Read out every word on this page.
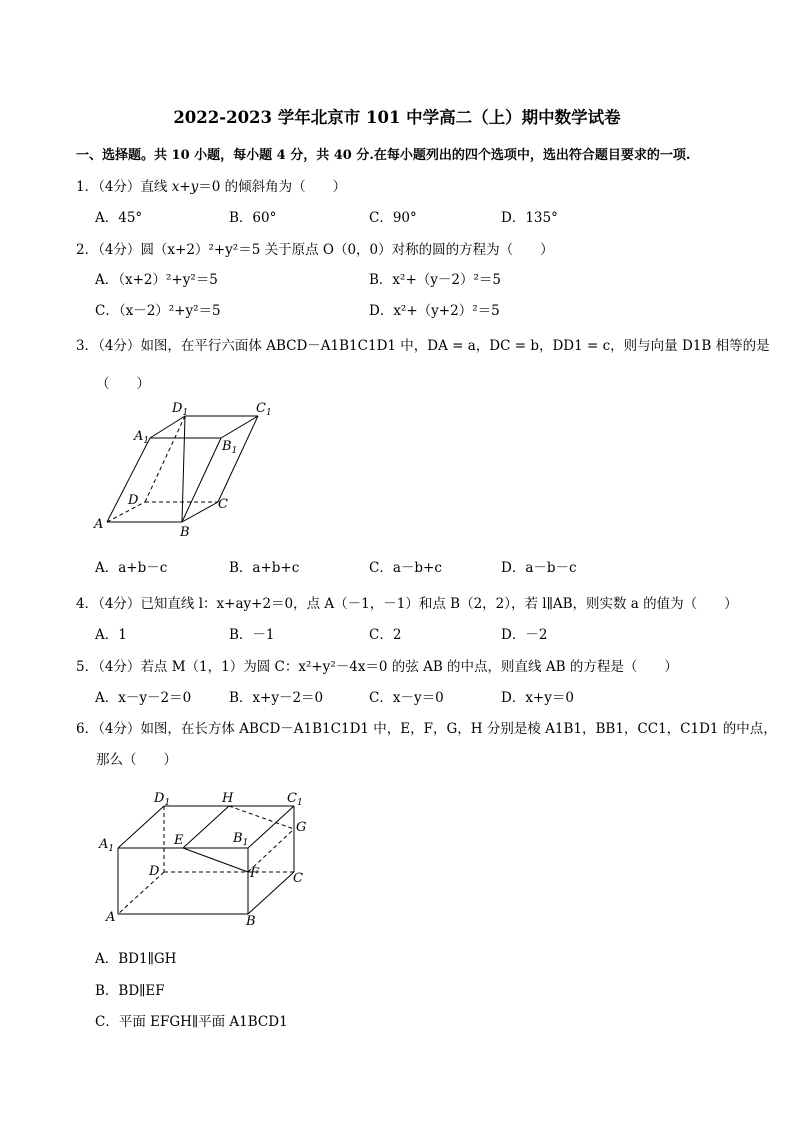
2022-2023 学年北京市 101 中学高二（上）期中数学试卷
一、选择题。共 10 小题，每小题 4 分，共 40 分.在每小题列出的四个选项中，选出符合题目要求的一项.
1．（4分）直线 x+y＝0 的倾斜角为（　　）
A．45°	B．60°	C．90°	D．135°
2．（4分）圆（x+2）²+y²＝5 关于原点 O（0，0）对称的圆的方程为（　　）
A．（x+2）²+y²＝5	B．x²+（y－2）²＝5
C．（x－2）²+y²＝5	D．x²+（y+2）²＝5
3．（4分）如图，在平行六面体 ABCD－A1B1C1D1 中，DA = a，DC = b，DD1 = c，则与向量 D1B 相等的是
（　　）
$D_1$	$C_1$
$A_1$	$B_1$
D	C
A
B
A．a+b－c	B．a+b+c	C．a－b+c	D．a－b－c
4．（4分）已知直线 l：x+ay+2＝0，点 A（－1，－1）和点 B（2，2），若 l∥AB，则实数 a 的值为（　　）
A．1	B．－1	C．2	D．－2
5．（4分）若点 M（1，1）为圆 C：x²+y²－4x＝0 的弦 AB 的中点，则直线 AB 的方程是（　　）
A．x－y－2＝0	B．x+y－2＝0	C．x－y＝0	D．x+y＝0
6．（4分）如图，在长方体 ABCD－A1B1C1D1 中，E，F，G，H 分别是棱 A1B1，BB1，CC1，C1D1 的中点，
那么（　　）
$D_1$	H	$C_1$
G
E	$B_1$
$A_1$
D	F	C
A	B
A．BD1∥GH
B．BD∥EF
C．平面 EFGH∥平面 A1BCD1
